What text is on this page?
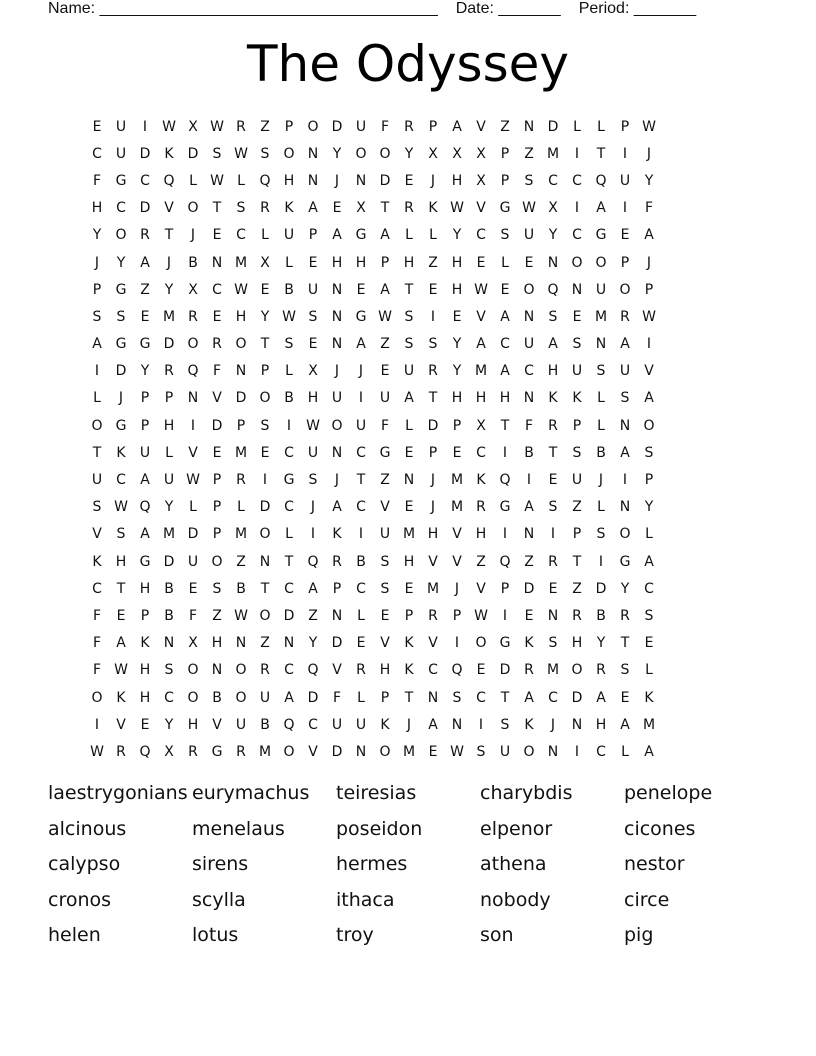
Name: ______________________________________ Date: _______ Period: _______
The Odyssey
E	U	I	W X W R	Z	P	O D U	F	R	P	A	V	Z N D	L	L	P W
C U D	K	D	S W S	O N	Y	O O	Y	X	X	X	P	Z M	I	T	I	J
F	G C Q	L W L	Q H N	J	N D	E	J	H X	P	S	C	C Q U	Y
H C D V O	T	S	R	K	A	E	X	T	R	K W V G W X	I	A	I	F
Y	O R	T	J	E	C	L	U	P	A G A	L	L	Y	C	S	U	Y	C G	E	A
J	Y	A	J	B N M X	L	E	H H	P	H Z H	E	L	E	N O O	P	J
P	G Z	Y	X	C W E	B	U N	E	A	T	E	H W E	O Q N U O	P
S	S	E M R	E	H	Y W S	N G W S	I	E	V	A N	S	E M R W
A G G D O R O	T	S	E	N A	Z	S	S	Y	A	C U	A	S	N A	I
I	D	Y	R Q	F	N	P	L	X	J	J	E	U	R	Y M A	C H U	S	U	V
L	J	P	P	N V D O B H U	I	U	A	T	H H H N	K	K	L	S	A
O G	P	H	I	D	P	S	I	W O U	F	L	D	P	X	T	F	R	P	L	N O
T	K	U	L	V	E M E	C U N C G	E	P	E	C	I	B	T	S	B	A	S
U C	A	U W P	R	I	G	S	J	T	Z N	J	M K Q	I	E	U	J	I	P
S W Q	Y	L	P	L	D C	J	A	C	V	E	J	M R G A	S	Z	L	N	Y
V	S	A M D	P M O	L	I	K	I	U M H V H	I	N	I	P	S	O	L
K	H G D U O Z N	T	Q R	B	S	H V	V	Z Q Z	R	T	I	G A
C	T	H B	E	S	B	T	C	A	P	C	S	E M	J	V	P	D	E	Z D	Y	C
F	E	P	B	F	Z W O D Z N	L	E	P	R	P W	I	E	N R	B	R	S
F	A	K	N X H N Z N	Y	D	E	V	K	V	I	O G K	S	H	Y	T	E
F W H	S	O N O R	C Q V	R H	K	C Q	E	D R M O R	S	L
O K	H C O B O U	A D	F	L	P	T	N	S	C	T	A	C D A	E	K
I	V	E	Y	H V	U	B Q C U U	K	J	A N	I	S	K	J	N H A M
W R Q X	R G R M O V D N O M E W S	U O N	I	C	L	A
laestrygonians eurymachus	teiresias	charybdis	penelope
alcinous	menelaus	poseidon	elpenor	cicones
calypso	sirens	hermes	athena	nestor
cronos	scylla	ithaca	nobody	circe
helen	lotus	troy	son	pig
